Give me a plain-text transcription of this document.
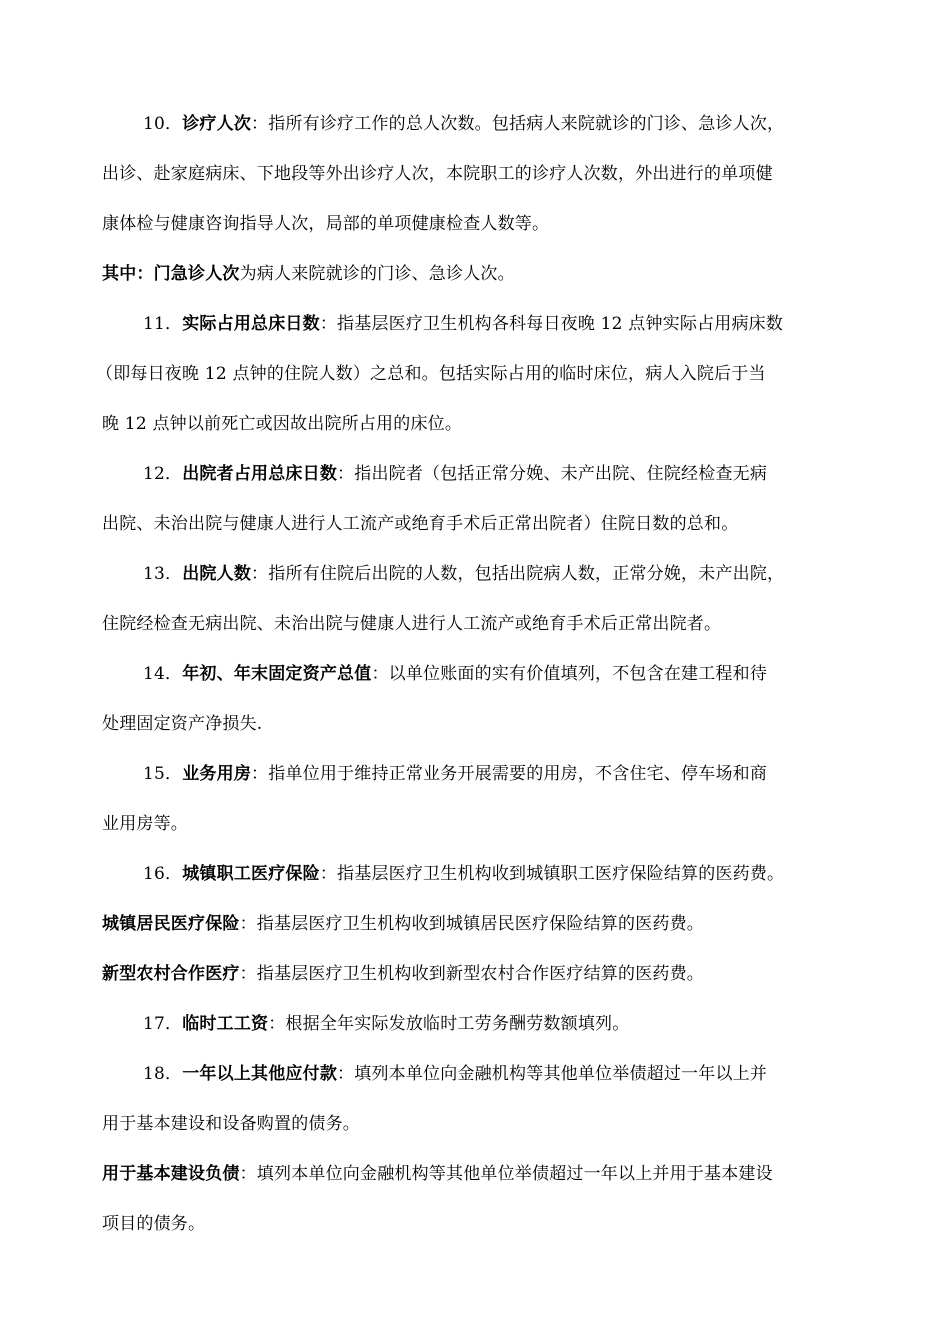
10．诊疗人次：指所有诊疗工作的总人次数。包括病人来院就诊的门诊、急诊人次，
出诊、赴家庭病床、下地段等外出诊疗人次，本院职工的诊疗人次数，外出进行的单项健
康体检与健康咨询指导人次，局部的单项健康检查人数等。
其中：门急诊人次为病人来院就诊的门诊、急诊人次。
11．实际占用总床日数：指基层医疗卫生机构各科每日夜晚 12 点钟实际占用病床数
（即每日夜晚 12 点钟的住院人数）之总和。包括实际占用的临时床位，病人入院后于当
晚 12 点钟以前死亡或因故出院所占用的床位。
12．出院者占用总床日数：指出院者（包括正常分娩、未产出院、住院经检查无病
出院、未治出院与健康人进行人工流产或绝育手术后正常出院者）住院日数的总和。
13．出院人数：指所有住院后出院的人数，包括出院病人数，正常分娩，未产出院，
住院经检查无病出院、未治出院与健康人进行人工流产或绝育手术后正常出院者。
14．年初、年末固定资产总值：以单位账面的实有价值填列，不包含在建工程和待
处理固定资产净损失.
15．业务用房：指单位用于维持正常业务开展需要的用房，不含住宅、停车场和商
业用房等。
16．城镇职工医疗保险：指基层医疗卫生机构收到城镇职工医疗保险结算的医药费。
城镇居民医疗保险：指基层医疗卫生机构收到城镇居民医疗保险结算的医药费。
新型农村合作医疗：指基层医疗卫生机构收到新型农村合作医疗结算的医药费。
17．临时工工资：根据全年实际发放临时工劳务酬劳数额填列。
18．一年以上其他应付款：填列本单位向金融机构等其他单位举债超过一年以上并
用于基本建设和设备购置的债务。
用于基本建设负债：填列本单位向金融机构等其他单位举债超过一年以上并用于基本建设
项目的债务。
